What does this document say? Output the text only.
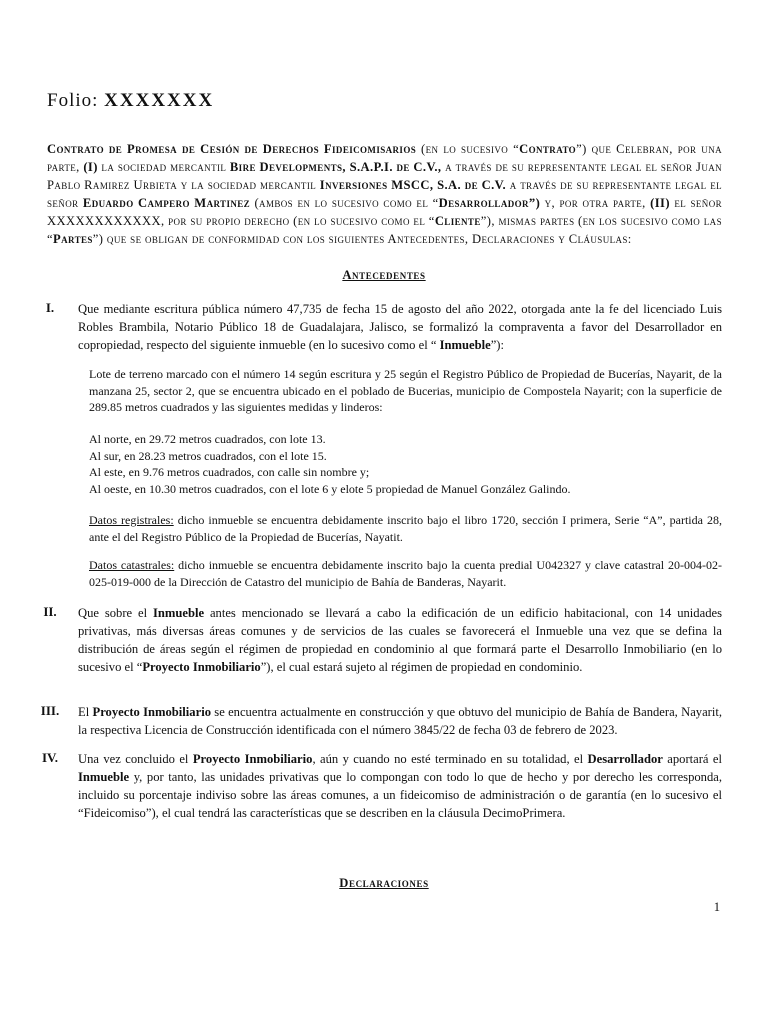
Folio: XXXXXXX
Contrato de Promesa de Cesión de Derechos Fideicomisarios (en lo sucesivo “Contrato”) que Celebran, por una parte, (I) la sociedad mercantil Bire Developments, S.A.P.I. de C.V., a través de su representante legal el señor Juan Pablo Ramirez Urbieta y la sociedad mercantil Inversiones MSCC, S.A. de C.V. a través de su representante legal el señor Eduardo Campero Martinez (ambos en lo sucesivo como el “Desarrollador”) y, por otra parte, (II) el señor XXXXXXXXXXXX, por su propio derecho (en lo sucesivo como el “Cliente”), mismas partes (en los sucesivo como las “Partes”) que se obligan de conformidad con los siguientes Antecedentes, Declaraciones y Cláusulas:
Antecedentes
I.	Que mediante escritura pública número 47,735 de fecha 15 de agosto del año 2022, otorgada ante la fe del licenciado Luis Robles Brambila, Notario Público 18 de Guadalajara, Jalisco, se formalizó la compraventa a favor del Desarrollador en copropiedad, respecto del siguiente inmueble (en lo sucesivo como el “ Inmueble”):
Lote de terreno marcado con el número 14 según escritura y 25 según el Registro Público de Propiedad de Bucerías, Nayarit, de la manzana 25, sector 2, que se encuentra ubicado en el poblado de Bucerias, municipio de Compostela Nayarit; con la superficie de 289.85 metros cuadrados y las siguientes medidas y linderos:
Al norte, en 29.72 metros cuadrados, con lote 13.
Al sur, en 28.23 metros cuadrados, con el lote 15.
Al este, en 9.76 metros cuadrados, con calle sin nombre y;
Al oeste, en 10.30 metros cuadrados, con el lote 6 y elote 5 propiedad de Manuel González Galindo.
Datos registrales: dicho inmueble se encuentra debidamente inscrito bajo el libro 1720, sección I primera, Serie “A”, partida 28, ante el del Registro Público de la Propiedad de Bucerías, Nayatit.
Datos catastrales: dicho inmueble se encuentra debidamente inscrito bajo la cuenta predial U042327 y clave catastral 20-004-02-025-019-000 de la Dirección de Catastro del municipio de Bahía de Banderas, Nayarit.
II.	Que sobre el Inmueble antes mencionado se llevará a cabo la edificación de un edificio habitacional, con 14 unidades privativas, más diversas áreas comunes y de servicios de las cuales se favorecerá el Inmueble una vez que se defina la distribución de áreas según el régimen de propiedad en condominio al que formará parte el Desarrollo Inmobiliario (en lo sucesivo el “Proyecto Inmobiliario”), el cual estará sujeto al régimen de propiedad en condominio.
III.	El Proyecto Inmobiliario se encuentra actualmente en construcción y que obtuvo del municipio de Bahía de Bandera, Nayarit, la respectiva Licencia de Construcción identificada con el número 3845/22 de fecha 03 de febrero de 2023.
IV.	Una vez concluido el Proyecto Inmobiliario, aún y cuando no esté terminado en su totalidad, el Desarrollador aportará el Inmueble y, por tanto, las unidades privativas que lo compongan con todo lo que de hecho y por derecho les corresponda, incluido su porcentaje indiviso sobre las áreas comunes, a un fideicomiso de administración o de garantía (en lo sucesivo el “Fideicomiso”), el cual tendrá las características que se describen en la cláusula DecimoPrimera.
Declaraciones
1
